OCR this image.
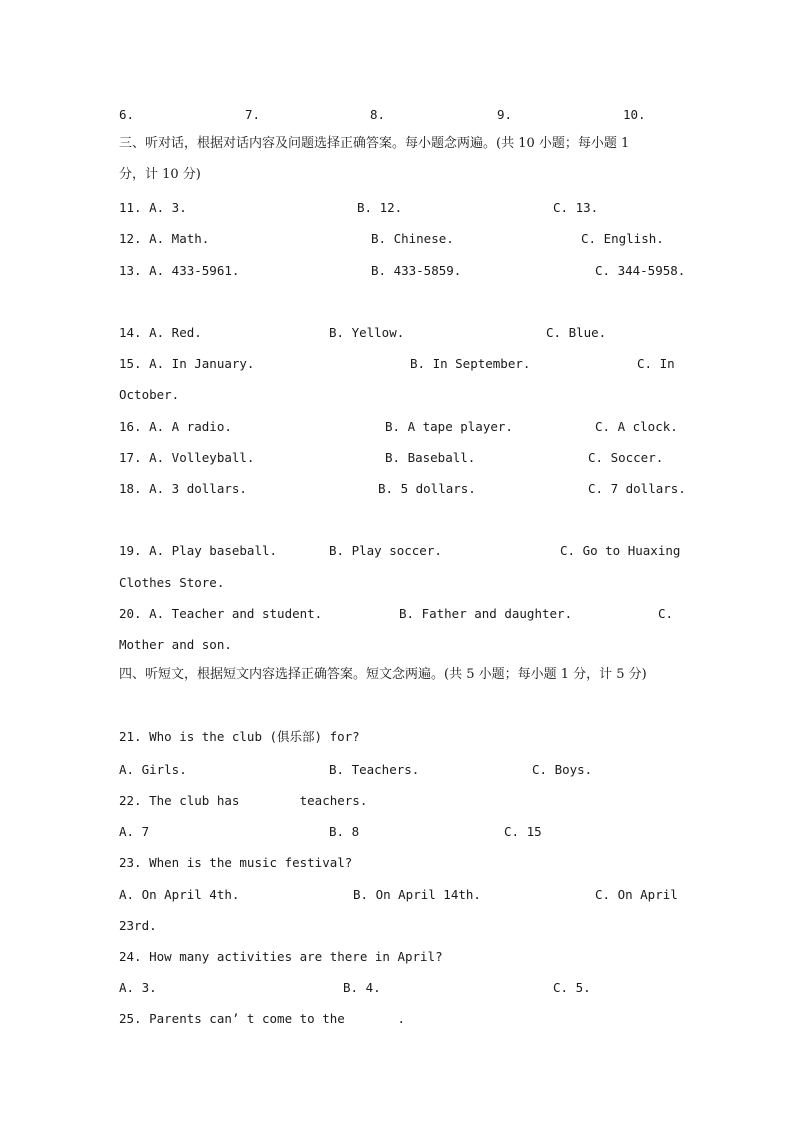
6.	7.	8.	9.	10.
三、听对话，根据对话内容及问题选择正确答案。每小题念两遍。(共 10 小题；每小题 1
分，计 10 分)
11. A. 3.	B. 12.	C. 13.
12. A. Math.	B. Chinese.	C. English.
13. A. 433-5961.	B. 433-5859.	C. 344-5958.
14. A. Red.	B. Yellow.	C. Blue.
15. A. In January.	B. In September.	C. In
October.
16. A. A radio.	B. A tape player.	C. A clock.
17. A. Volleyball.	B. Baseball.	C. Soccer.
18. A. 3 dollars.	B. 5 dollars.	C. 7 dollars.
19. A. Play baseball.	B. Play soccer.	C. Go to Huaxing
Clothes Store.
20. A. Teacher and student.	B. Father and daughter.	C.
Mother and son.
四、听短文，根据短文内容选择正确答案。短文念两遍。(共 5 小题；每小题 1 分，计 5 分)
21. Who is the club (俱乐部) for?
A. Girls.	B. Teachers.	C. Boys.
22. The club has        teachers.
A. 7	B. 8	C. 15
23. When is the music festival?
A. On April 4th.	B. On April 14th.	C. On April
23rd.
24. How many activities are there in April?
A. 3.	B. 4.	C. 5.
25. Parents can’ t come to the       .
